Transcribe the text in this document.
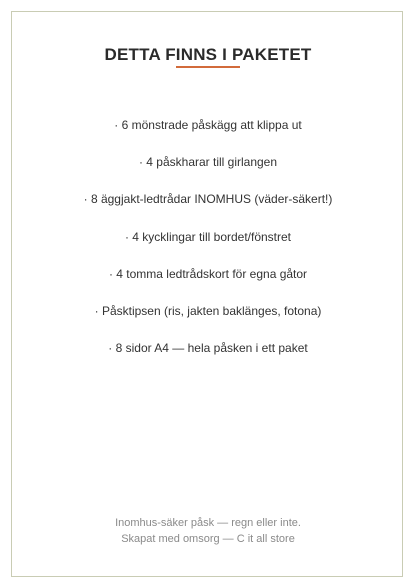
DETTA FINNS I PAKETET
· 6 mönstrade påskägg att klippa ut
· 4 påskharar till girlangen
· 8 äggjakt-ledtrådar INOMHUS (väder-säkert!)
· 4 kycklingar till bordet/fönstret
· 4 tomma ledtrådskort för egna gåtor
· Påsktipsen (ris, jakten baklänges, fotona)
· 8 sidor A4 — hela påsken i ett paket
Inomhus-säker påsk — regn eller inte.
Skapat med omsorg — C it all store
